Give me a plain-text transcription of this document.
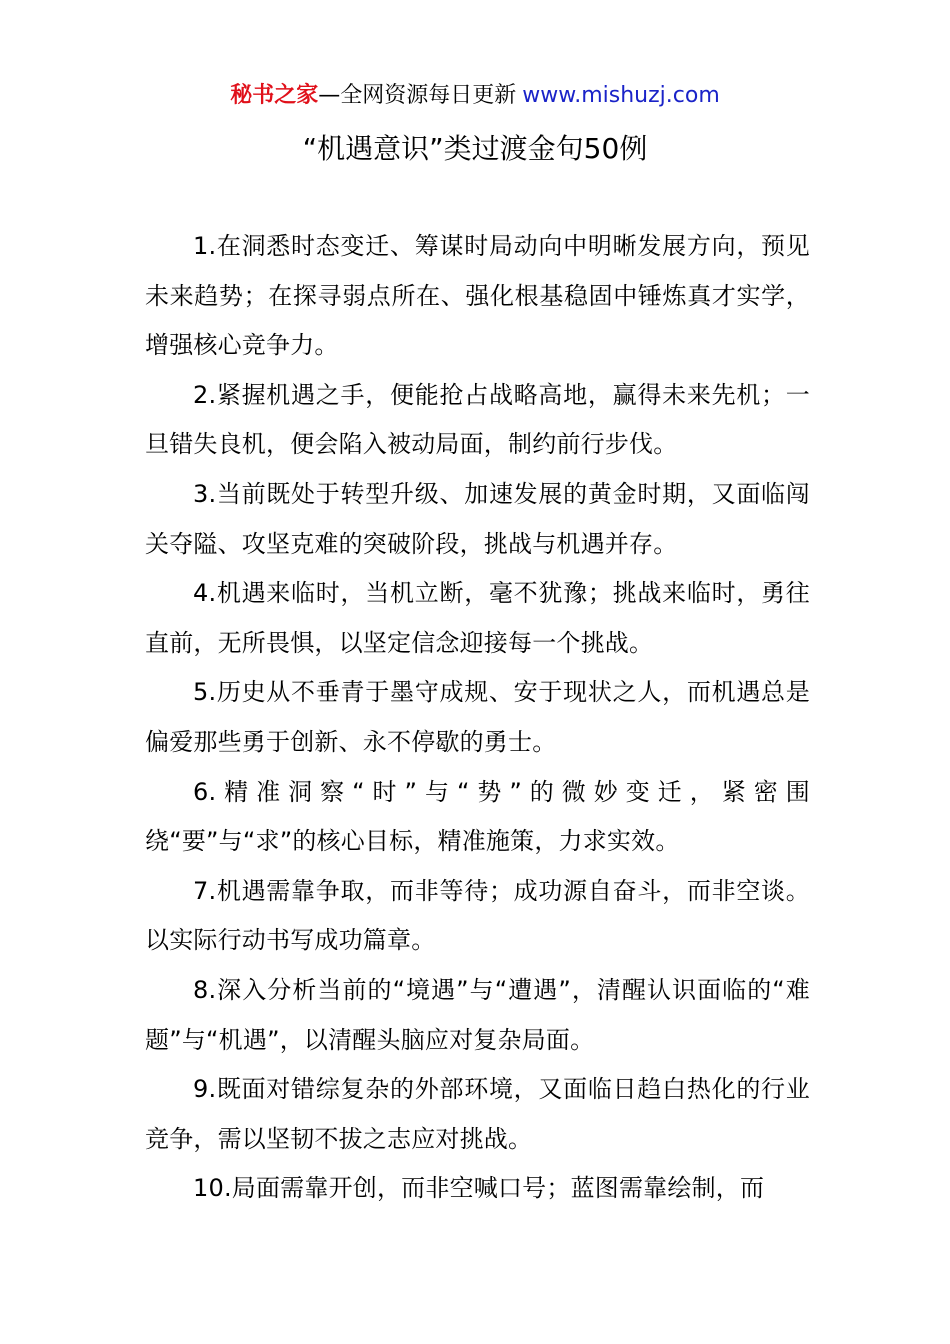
秘书之家—全网资源每日更新 www.mishuzj.com
“机遇意识”类过渡金句50例

1.在洞悉时态变迁、筹谋时局动向中明晰发展方向，预见未来趋势；在探寻弱点所在、强化根基稳固中锤炼真才实学，增强核心竞争力。

2.紧握机遇之手，便能抢占战略高地，赢得未来先机；一旦错失良机，便会陷入被动局面，制约前行步伐。

3.当前既处于转型升级、加速发展的黄金时期，又面临闯关夺隘、攻坚克难的突破阶段，挑战与机遇并存。

4.机遇来临时，当机立断，毫不犹豫；挑战来临时，勇往直前，无所畏惧，以坚定信念迎接每一个挑战。

5.历史从不垂青于墨守成规、安于现状之人，而机遇总是偏爱那些勇于创新、永不停歇的勇士。

6.精准洞察“时”与“势”的微妙变迁，紧密围绕“要”与“求”的核心目标，精准施策，力求实效。

7.机遇需靠争取，而非等待；成功源自奋斗，而非空谈。以实际行动书写成功篇章。

8.深入分析当前的“境遇”与“遭遇”，清醒认识面临的“难题”与“机遇”，以清醒头脑应对复杂局面。

9.既面对错综复杂的外部环境，又面临日趋白热化的行业竞争，需以坚韧不拔之志应对挑战。

10.局面需靠开创，而非空喊口号；蓝图需靠绘制，而
